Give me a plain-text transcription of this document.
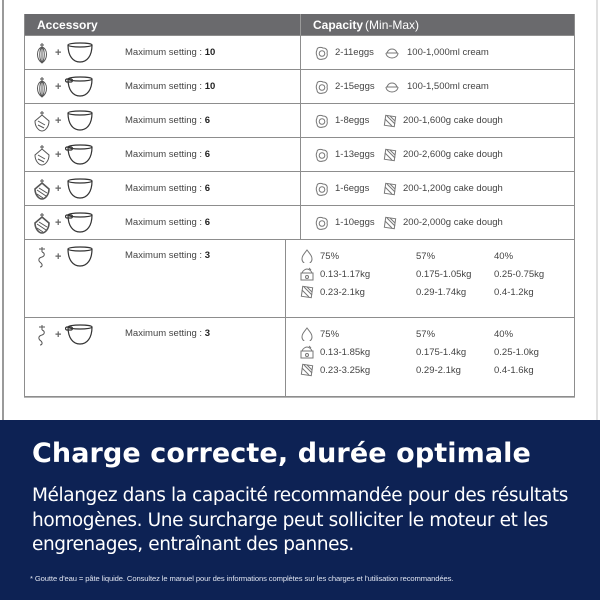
Accessory	Capacity (Min-Max)
+	Maximum setting : 10	2-11eggs	100-1,000ml cream
+	Maximum setting : 10	2-15eggs	100-1,500ml cream
+	Maximum setting : 6	1-8eggs	200-1,600g cake dough
+	Maximum setting : 6	1-13eggs	200-2,600g cake dough
+	Maximum setting : 6	1-6eggs	200-1,200g cake dough
+	Maximum setting : 6	1-10eggs	200-2,000g cake dough
+	Maximum setting : 3	75%	57%	40%
0.13-1.17kg	0.175-1.05kg	0.25-0.75kg
0.23-2.1kg	0.29-1.74kg	0.4-1.2kg
+	Maximum setting : 3	75%	57%	40%
0.13-1.85kg	0.175-1.4kg	0.25-1.0kg
0.23-3.25kg	0.29-2.1kg	0.4-1.6kg
Charge correcte, durée optimale

Mélangez dans la capacité recommandée pour des résultats homogènes. Une surcharge peut solliciter le moteur et les engrenages, entraînant des pannes.

* Goutte d'eau = pâte liquide. Consultez le manuel pour des informations complètes sur les charges et l'utilisation recommandées.
